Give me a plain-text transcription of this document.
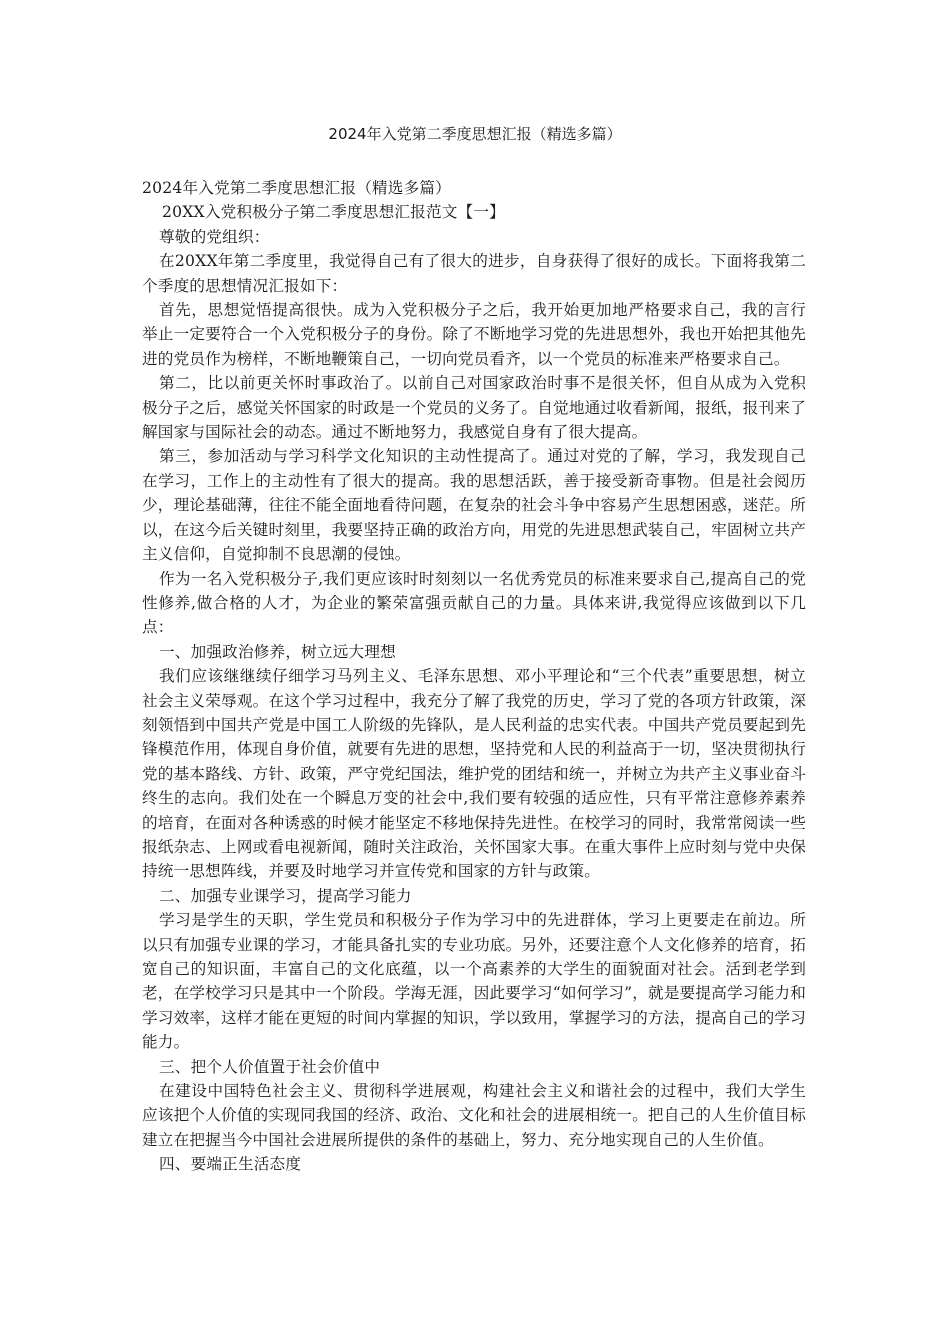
2024年入党第二季度思想汇报（精选多篇）

2024年入党第二季度思想汇报（精选多篇）

20XX入党积极分子第二季度思想汇报范文【一】

尊敬的党组织：

在20XX年第二季度里，我觉得自己有了很大的进步，自身获得了很好的成长。下面将我第二个季度的思想情况汇报如下：

首先，思想觉悟提高很快。成为入党积极分子之后，我开始更加地严格要求自己，我的言行举止一定要符合一个入党积极分子的身份。除了不断地学习党的先进思想外，我也开始把其他先进的党员作为榜样，不断地鞭策自己，一切向党员看齐，以一个党员的标准来严格要求自己。

第二，比以前更关怀时事政治了。以前自己对国家政治时事不是很关怀，但自从成为入党积极分子之后，感觉关怀国家的时政是一个党员的义务了。自觉地通过收看新闻，报纸，报刊来了解国家与国际社会的动态。通过不断地努力，我感觉自身有了很大提高。

第三，参加活动与学习科学文化知识的主动性提高了。通过对党的了解，学习，我发现自己在学习，工作上的主动性有了很大的提高。我的思想活跃，善于接受新奇事物。但是社会阅历少，理论基础薄，往往不能全面地看待问题，在复杂的社会斗争中容易产生思想困惑，迷茫。所以，在这今后关键时刻里，我要坚持正确的政治方向，用党的先进思想武装自己，牢固树立共产主义信仰，自觉抑制不良思潮的侵蚀。

作为一名入党积极分子,我们更应该时时刻刻以一名优秀党员的标准来要求自己,提高自己的党性修养,做合格的人才，为企业的繁荣富强贡献自己的力量。具体来讲,我觉得应该做到以下几点：

一、加强政治修养，树立远大理想

我们应该继继续仔细学习马列主义、毛泽东思想、邓小平理论和“三个代表”重要思想，树立社会主义荣辱观。在这个学习过程中，我充分了解了我党的历史，学习了党的各项方针政策，深刻领悟到中国共产党是中国工人阶级的先锋队，是人民利益的忠实代表。中国共产党员要起到先锋模范作用，体现自身价值，就要有先进的思想，坚持党和人民的利益高于一切，坚决贯彻执行党的基本路线、方针、政策，严守党纪国法，维护党的团结和统一，并树立为共产主义事业奋斗终生的志向。我们处在一个瞬息万变的社会中,我们要有较强的适应性，只有平常注意修养素养的培育，在面对各种诱惑的时候才能坚定不移地保持先进性。在校学习的同时，我常常阅读一些报纸杂志、上网或看电视新闻，随时关注政治，关怀国家大事。在重大事件上应时刻与党中央保持统一思想阵线，并要及时地学习并宣传党和国家的方针与政策。

二、加强专业课学习，提高学习能力

学习是学生的天职，学生党员和积极分子作为学习中的先进群体，学习上更要走在前边。所以只有加强专业课的学习，才能具备扎实的专业功底。另外，还要注意个人文化修养的培育，拓宽自己的知识面，丰富自己的文化底蕴，以一个高素养的大学生的面貌面对社会。活到老学到老，在学校学习只是其中一个阶段。学海无涯，因此要学习“如何学习”，就是要提高学习能力和学习效率，这样才能在更短的时间内掌握的知识，学以致用，掌握学习的方法，提高自己的学习能力。

三、把个人价值置于社会价值中

在建设中国特色社会主义、贯彻科学进展观，构建社会主义和谐社会的过程中，我们大学生应该把个人价值的实现同我国的经济、政治、文化和社会的进展相统一。把自己的人生价值目标建立在把握当今中国社会进展所提供的条件的基础上，努力、充分地实现自己的人生价值。

四、要端正生活态度
